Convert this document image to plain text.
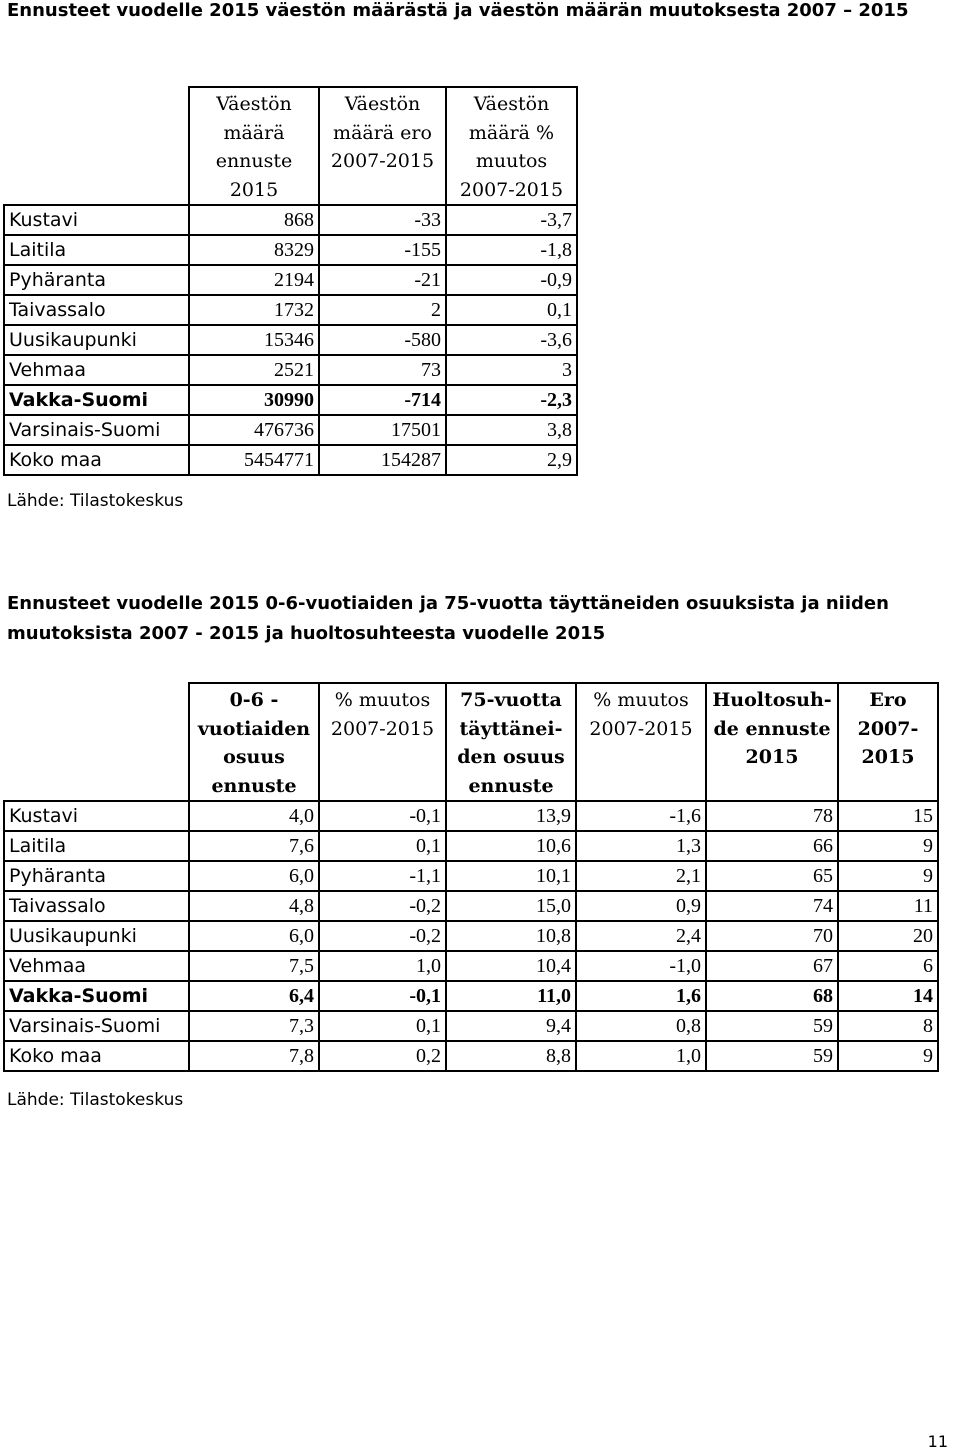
Ennusteet vuodelle 2015 väestön määrästä ja väestön määrän muutoksesta 2007 – 2015
	Väestön määrä ennuste 2015	Väestön määrä ero 2007-2015	Väestön määrä % muutos 2007-2015
Kustavi	868	-33	-3,7
Laitila	8329	-155	-1,8
Pyhäranta	2194	-21	-0,9
Taivassalo	1732	2	0,1
Uusikaupunki	15346	-580	-3,6
Vehmaa	2521	73	3
Vakka-Suomi	30990	-714	-2,3
Varsinais-Suomi	476736	17501	3,8
Koko maa	5454771	154287	2,9

Lähde: Tilastokeskus

Ennusteet vuodelle 2015 0-6-vuotiaiden ja 75-vuotta täyttäneiden osuuksista ja niiden muutoksista 2007 - 2015 ja huoltosuhteesta vuodelle 2015
	0-6 - vuotiaiden osuus ennuste	% muutos 2007-2015	75-vuotta täyttänei-den osuus ennuste	% muutos 2007-2015	Huoltosuh-de ennuste 2015	Ero 2007-2015
Kustavi	4,0	-0,1	13,9	-1,6	78	15
Laitila	7,6	0,1	10,6	1,3	66	9
Pyhäranta	6,0	-1,1	10,1	2,1	65	9
Taivassalo	4,8	-0,2	15,0	0,9	74	11
Uusikaupunki	6,0	-0,2	10,8	2,4	70	20
Vehmaa	7,5	1,0	10,4	-1,0	67	6
Vakka-Suomi	6,4	-0,1	11,0	1,6	68	14
Varsinais-Suomi	7,3	0,1	9,4	0,8	59	8
Koko maa	7,8	0,2	8,8	1,0	59	9

Lähde: Tilastokeskus

11
